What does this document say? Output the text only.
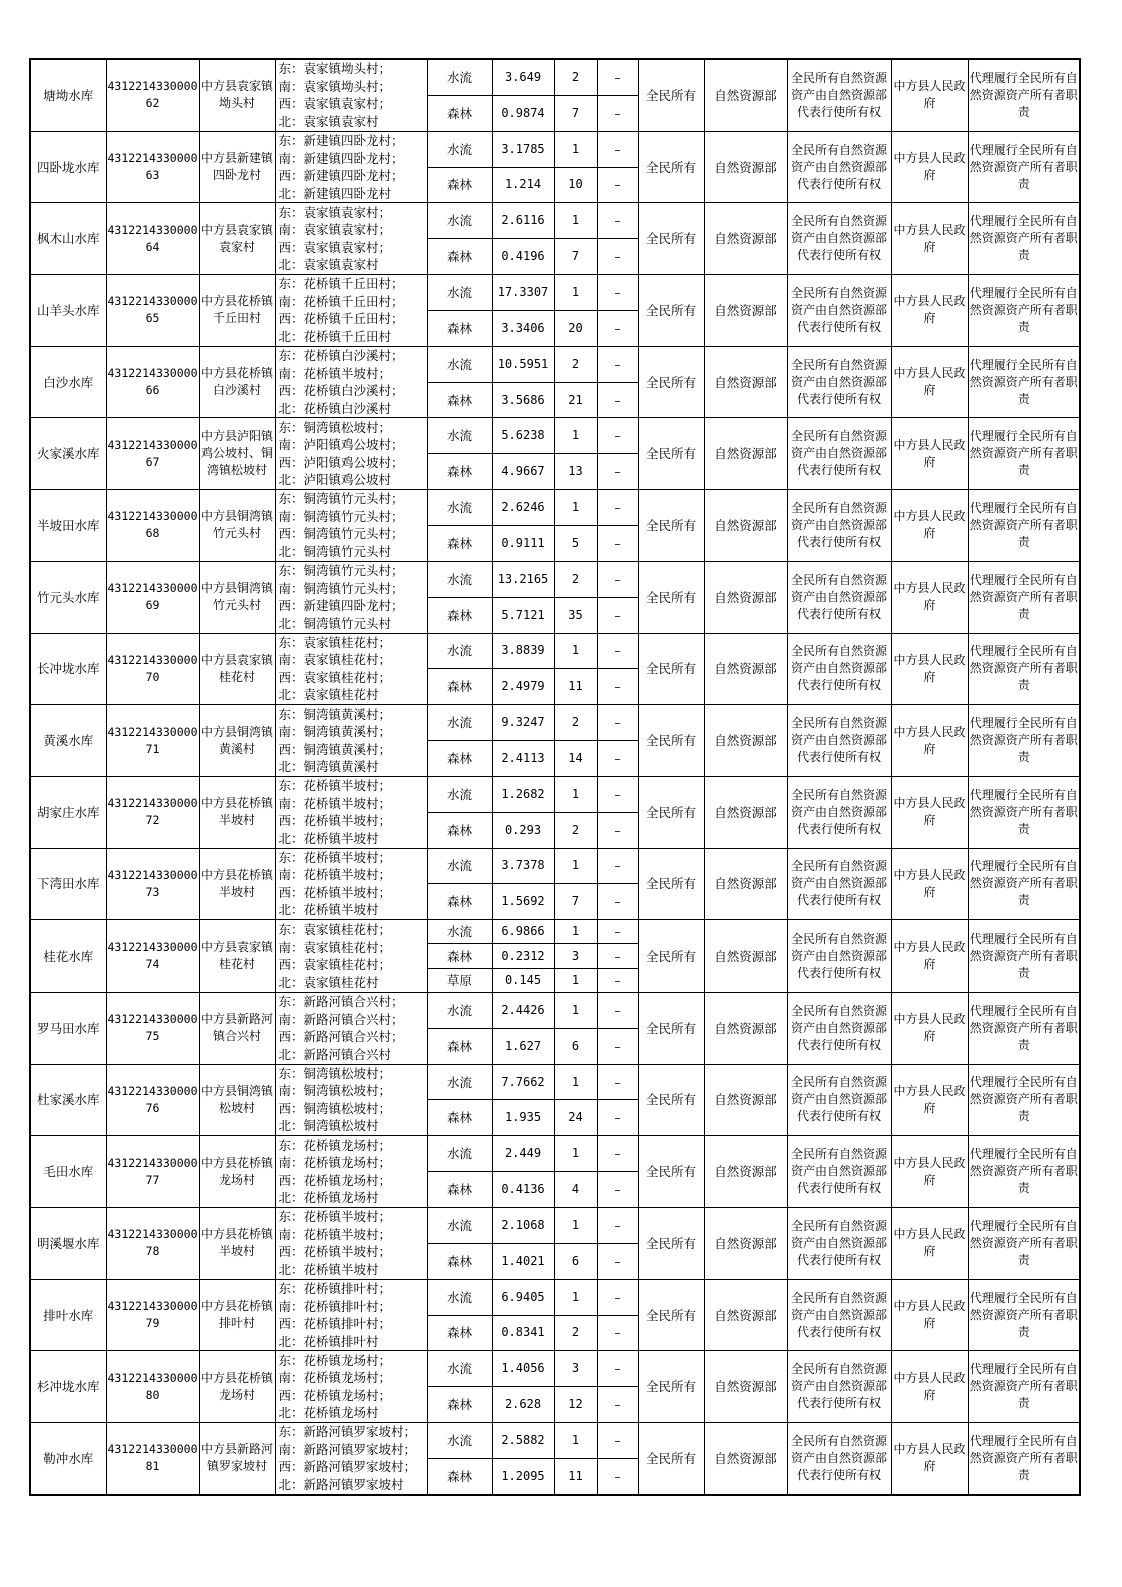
塘坳水库	431221433000062	中方县袁家镇坳头村	东：袁家镇坳头村；
南：袁家镇坳头村；
西：袁家镇袁家村；
北：袁家镇袁家村	水流	3.649	2	–	全民所有	自然资源部	全民所有自然资源资产由自然资源部代表行使所有权	中方县人民政府	代理履行全民所有自然资源资产所有者职责
				森林	0.9874	7	–					
四卧垅水库	431221433000063	中方县新建镇四卧龙村	东：新建镇四卧龙村；
南：新建镇四卧龙村；
西：新建镇四卧龙村；
北：新建镇四卧龙村	水流	3.1785	1	–	全民所有	自然资源部	全民所有自然资源资产由自然资源部代表行使所有权	中方县人民政府	代理履行全民所有自然资源资产所有者职责
				森林	1.214	10	–					
枫木山水库	431221433000064	中方县袁家镇袁家村	东：袁家镇袁家村；
南：袁家镇袁家村；
西：袁家镇袁家村；
北：袁家镇袁家村	水流	2.6116	1	–	全民所有	自然资源部	全民所有自然资源资产由自然资源部代表行使所有权	中方县人民政府	代理履行全民所有自然资源资产所有者职责
				森林	0.4196	7	–					
山羊头水库	431221433000065	中方县花桥镇千丘田村	东：花桥镇千丘田村；
南：花桥镇千丘田村；
西：花桥镇千丘田村；
北：花桥镇千丘田村	水流	17.3307	1	–	全民所有	自然资源部	全民所有自然资源资产由自然资源部代表行使所有权	中方县人民政府	代理履行全民所有自然资源资产所有者职责
				森林	3.3406	20	–					
白沙水库	431221433000066	中方县花桥镇白沙溪村	东：花桥镇白沙溪村；
南：花桥镇半坡村；
西：花桥镇白沙溪村；
北：花桥镇白沙溪村	水流	10.5951	2	–	全民所有	自然资源部	全民所有自然资源资产由自然资源部代表行使所有权	中方县人民政府	代理履行全民所有自然资源资产所有者职责
				森林	3.5686	21	–					
火家溪水库	431221433000067	中方县泸阳镇鸡公坡村、铜湾镇松坡村	东：铜湾镇松坡村；
南：泸阳镇鸡公坡村；
西：泸阳镇鸡公坡村；
北：泸阳镇鸡公坡村	水流	5.6238	1	–	全民所有	自然资源部	全民所有自然资源资产由自然资源部代表行使所有权	中方县人民政府	代理履行全民所有自然资源资产所有者职责
				森林	4.9667	13	–					
半坡田水库	431221433000068	中方县铜湾镇竹元头村	东：铜湾镇竹元头村；
南：铜湾镇竹元头村；
西：铜湾镇竹元头村；
北：铜湾镇竹元头村	水流	2.6246	1	–	全民所有	自然资源部	全民所有自然资源资产由自然资源部代表行使所有权	中方县人民政府	代理履行全民所有自然资源资产所有者职责
				森林	0.9111	5	–					
竹元头水库	431221433000069	中方县铜湾镇竹元头村	东：铜湾镇竹元头村；
南：铜湾镇竹元头村；
西：新建镇四卧龙村；
北：铜湾镇竹元头村	水流	13.2165	2	–	全民所有	自然资源部	全民所有自然资源资产由自然资源部代表行使所有权	中方县人民政府	代理履行全民所有自然资源资产所有者职责
				森林	5.7121	35	–					
长冲垅水库	431221433000070	中方县袁家镇桂花村	东：袁家镇桂花村；
南：袁家镇桂花村；
西：袁家镇桂花村；
北：袁家镇桂花村	水流	3.8839	1	–	全民所有	自然资源部	全民所有自然资源资产由自然资源部代表行使所有权	中方县人民政府	代理履行全民所有自然资源资产所有者职责
				森林	2.4979	11	–					
黄溪水库	431221433000071	中方县铜湾镇黄溪村	东：铜湾镇黄溪村；
南：铜湾镇黄溪村；
西：铜湾镇黄溪村；
北：铜湾镇黄溪村	水流	9.3247	2	–	全民所有	自然资源部	全民所有自然资源资产由自然资源部代表行使所有权	中方县人民政府	代理履行全民所有自然资源资产所有者职责
				森林	2.4113	14	–					
胡家庄水库	431221433000072	中方县花桥镇半坡村	东：花桥镇半坡村；
南：花桥镇半坡村；
西：花桥镇半坡村；
北：花桥镇半坡村	水流	1.2682	1	–	全民所有	自然资源部	全民所有自然资源资产由自然资源部代表行使所有权	中方县人民政府	代理履行全民所有自然资源资产所有者职责
				森林	0.293	2	–					
下湾田水库	431221433000073	中方县花桥镇半坡村	东：花桥镇半坡村；
南：花桥镇半坡村；
西：花桥镇半坡村；
北：花桥镇半坡村	水流	3.7378	1	–	全民所有	自然资源部	全民所有自然资源资产由自然资源部代表行使所有权	中方县人民政府	代理履行全民所有自然资源资产所有者职责
				森林	1.5692	7	–					
桂花水库	431221433000074	中方县袁家镇桂花村	东：袁家镇桂花村；
南：袁家镇桂花村；
西：袁家镇桂花村；
北：袁家镇桂花村	水流	6.9866	1	–	全民所有	自然资源部	全民所有自然资源资产由自然资源部代表行使所有权	中方县人民政府	代理履行全民所有自然资源资产所有者职责
				森林	0.2312	3	–					
				草原	0.145	1	–					
罗马田水库	431221433000075	中方县新路河镇合兴村	东：新路河镇合兴村；
南：新路河镇合兴村；
西：新路河镇合兴村；
北：新路河镇合兴村	水流	2.4426	1	–	全民所有	自然资源部	全民所有自然资源资产由自然资源部代表行使所有权	中方县人民政府	代理履行全民所有自然资源资产所有者职责
				森林	1.627	6	–					
杜家溪水库	431221433000076	中方县铜湾镇松坡村	东：铜湾镇松坡村；
南：铜湾镇松坡村；
西：铜湾镇松坡村；
北：铜湾镇松坡村	水流	7.7662	1	–	全民所有	自然资源部	全民所有自然资源资产由自然资源部代表行使所有权	中方县人民政府	代理履行全民所有自然资源资产所有者职责
				森林	1.935	24	–					
毛田水库	431221433000077	中方县花桥镇龙场村	东：花桥镇龙场村；
南：花桥镇龙场村；
西：花桥镇龙场村；
北：花桥镇龙场村	水流	2.449	1	–	全民所有	自然资源部	全民所有自然资源资产由自然资源部代表行使所有权	中方县人民政府	代理履行全民所有自然资源资产所有者职责
				森林	0.4136	4	–					
明溪堰水库	431221433000078	中方县花桥镇半坡村	东：花桥镇半坡村；
南：花桥镇半坡村；
西：花桥镇半坡村；
北：花桥镇半坡村	水流	2.1068	1	–	全民所有	自然资源部	全民所有自然资源资产由自然资源部代表行使所有权	中方县人民政府	代理履行全民所有自然资源资产所有者职责
				森林	1.4021	6	–					
排叶水库	431221433000079	中方县花桥镇排叶村	东：花桥镇排叶村；
南：花桥镇排叶村；
西：花桥镇排叶村；
北：花桥镇排叶村	水流	6.9405	1	–	全民所有	自然资源部	全民所有自然资源资产由自然资源部代表行使所有权	中方县人民政府	代理履行全民所有自然资源资产所有者职责
				森林	0.8341	2	–					
杉冲垅水库	431221433000080	中方县花桥镇龙场村	东：花桥镇龙场村；
南：花桥镇龙场村；
西：花桥镇龙场村；
北：花桥镇龙场村	水流	1.4056	3	–	全民所有	自然资源部	全民所有自然资源资产由自然资源部代表行使所有权	中方县人民政府	代理履行全民所有自然资源资产所有者职责
				森林	2.628	12	–					
勒冲水库	431221433000081	中方县新路河镇罗家坡村	东：新路河镇罗家坡村；
南：新路河镇罗家坡村；
西：新路河镇罗家坡村；
北：新路河镇罗家坡村	水流	2.5882	1	–	全民所有	自然资源部	全民所有自然资源资产由自然资源部代表行使所有权	中方县人民政府	代理履行全民所有自然资源资产所有者职责
				森林	1.2095	11	–					
